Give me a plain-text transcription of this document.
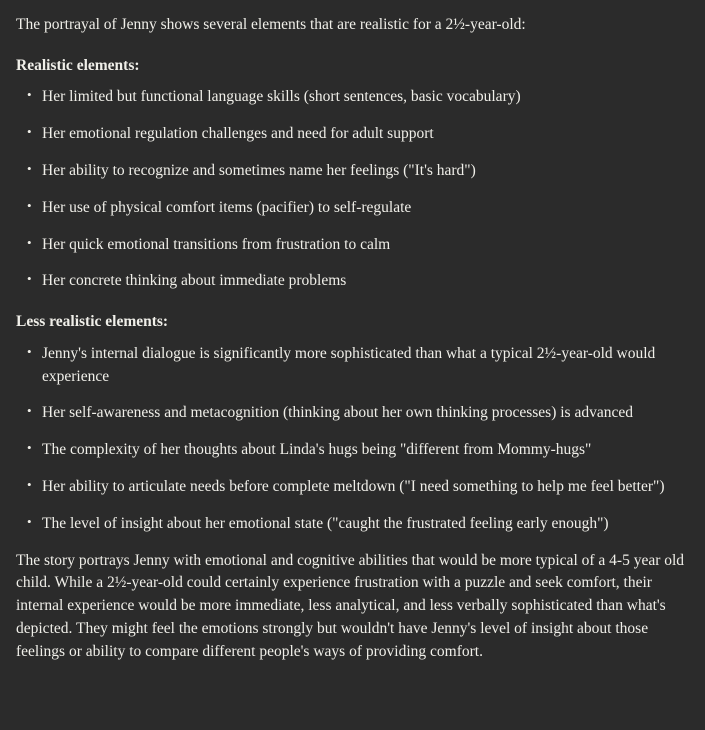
The portrayal of Jenny shows several elements that are realistic for a 2½-year-old:

Realistic elements:
• Her limited but functional language skills (short sentences, basic vocabulary)
• Her emotional regulation challenges and need for adult support
• Her ability to recognize and sometimes name her feelings ("It's hard")
• Her use of physical comfort items (pacifier) to self-regulate
• Her quick emotional transitions from frustration to calm
• Her concrete thinking about immediate problems
Less realistic elements:
• Jenny's internal dialogue is significantly more sophisticated than what a typical 2½-year-old would experience
• Her self-awareness and metacognition (thinking about her own thinking processes) is advanced
• The complexity of her thoughts about Linda's hugs being "different from Mommy-hugs"
• Her ability to articulate needs before complete meltdown ("I need something to help me feel better")
• The level of insight about her emotional state ("caught the frustrated feeling early enough")

The story portrays Jenny with emotional and cognitive abilities that would be more typical of a 4-5 year old child. While a 2½-year-old could certainly experience frustration with a puzzle and seek comfort, their internal experience would be more immediate, less analytical, and less verbally sophisticated than what's depicted. They might feel the emotions strongly but wouldn't have Jenny's level of insight about those feelings or ability to compare different people's ways of providing comfort.
